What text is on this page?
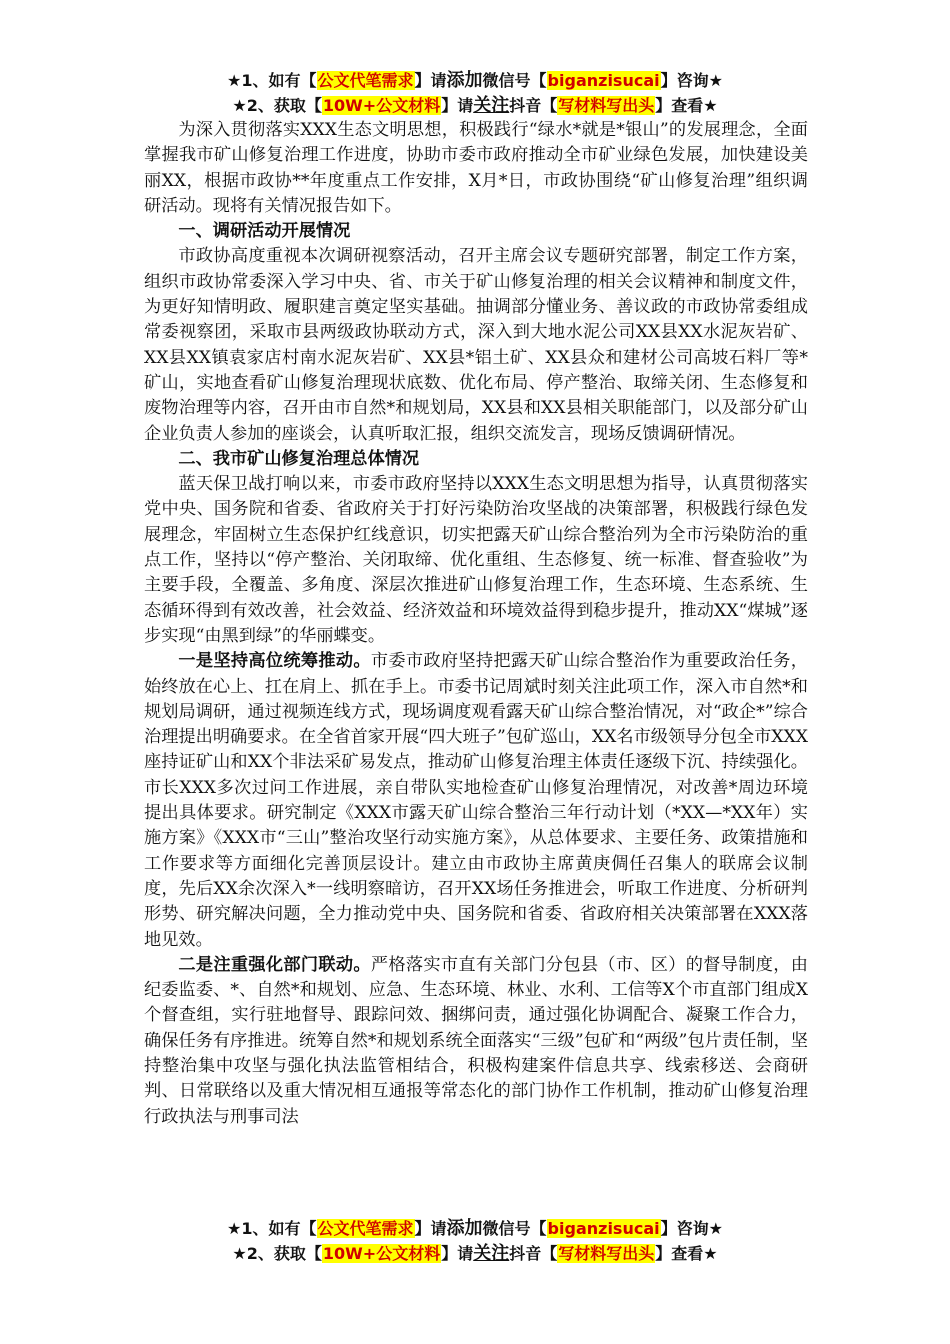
★1、如有【公文代笔需求】请添加微信号【biganzisucai】咨询★
★2、获取【10W+公文材料】请关注抖音【写材料写出头】查看★

为深入贯彻落实XXX生态文明思想，积极践行“绿水*就是*银山”的发展理念，全面掌握我市矿山修复治理工作进度，协助市委市政府推动全市矿业绿色发展，加快建设美丽XX，根据市政协**年度重点工作安排，X月*日，市政协围绕“矿山修复治理”组织调研活动。现将有关情况报告如下。

一、调研活动开展情况

市政协高度重视本次调研视察活动，召开主席会议专题研究部署，制定工作方案，组织市政协常委深入学习中央、省、市关于矿山修复治理的相关会议精神和制度文件，为更好知情明政、履职建言奠定坚实基础。抽调部分懂业务、善议政的市政协常委组成常委视察团，采取市县两级政协联动方式，深入到大地水泥公司XX县XX水泥灰岩矿、XX县XX镇袁家店村南水泥灰岩矿、XX县*铝土矿、XX县众和建材公司高坡石料厂等*矿山，实地查看矿山修复治理现状底数、优化布局、停产整治、取缔关闭、生态修复和废物治理等内容，召开由市自然*和规划局，XX县和XX县相关职能部门，以及部分矿山企业负责人参加的座谈会，认真听取汇报，组织交流发言，现场反馈调研情况。

二、我市矿山修复治理总体情况

蓝天保卫战打响以来，市委市政府坚持以XXX生态文明思想为指导，认真贯彻落实党中央、国务院和省委、省政府关于打好污染防治攻坚战的决策部署，积极践行绿色发展理念，牢固树立生态保护红线意识，切实把露天矿山综合整治列为全市污染防治的重点工作，坚持以“停产整治、关闭取缔、优化重组、生态修复、统一标准、督查验收”为主要手段，全覆盖、多角度、深层次推进矿山修复治理工作，生态环境、生态系统、生态循环得到有效改善，社会效益、经济效益和环境效益得到稳步提升，推动XX“煤城”逐步实现“由黑到绿”的华丽蝶变。

一是坚持高位统筹推动。市委市政府坚持把露天矿山综合整治作为重要政治任务，始终放在心上、扛在肩上、抓在手上。市委书记周斌时刻关注此项工作，深入市自然*和规划局调研，通过视频连线方式，现场调度观看露天矿山综合整治情况，对“政企*”综合治理提出明确要求。在全省首家开展“四大班子”包矿巡山，XX名市级领导分包全市XXX座持证矿山和XX个非法采矿易发点，推动矿山修复治理主体责任逐级下沉、持续强化。市长XXX多次过问工作进展，亲自带队实地检查矿山修复治理情况，对改善*周边环境提出具体要求。研究制定《XXX市露天矿山综合整治三年行动计划（*XX—*XX年）实施方案》《XXX市“三山”整治攻坚行动实施方案》，从总体要求、主要任务、政策措施和工作要求等方面细化完善顶层设计。建立由市政协主席黄庚倜任召集人的联席会议制度，先后XX余次深入*一线明察暗访，召开XX场任务推进会，听取工作进度、分析研判形势、研究解决问题，全力推动党中央、国务院和省委、省政府相关决策部署在XXX落地见效。

二是注重强化部门联动。严格落实市直有关部门分包县（市、区）的督导制度，由纪委监委、*、自然*和规划、应急、生态环境、林业、水利、工信等X个市直部门组成X个督查组，实行驻地督导、跟踪问效、捆绑问责，通过强化协调配合、凝聚工作合力，确保任务有序推进。统筹自然*和规划系统全面落实“三级”包矿和“两级”包片责任制，坚持整治集中攻坚与强化执法监管相结合，积极构建案件信息共享、线索移送、会商研判、日常联络以及重大情况相互通报等常态化的部门协作工作机制，推动矿山修复治理行政执法与刑事司法

★1、如有【公文代笔需求】请添加微信号【biganzisucai】咨询★
★2、获取【10W+公文材料】请关注抖音【写材料写出头】查看★
